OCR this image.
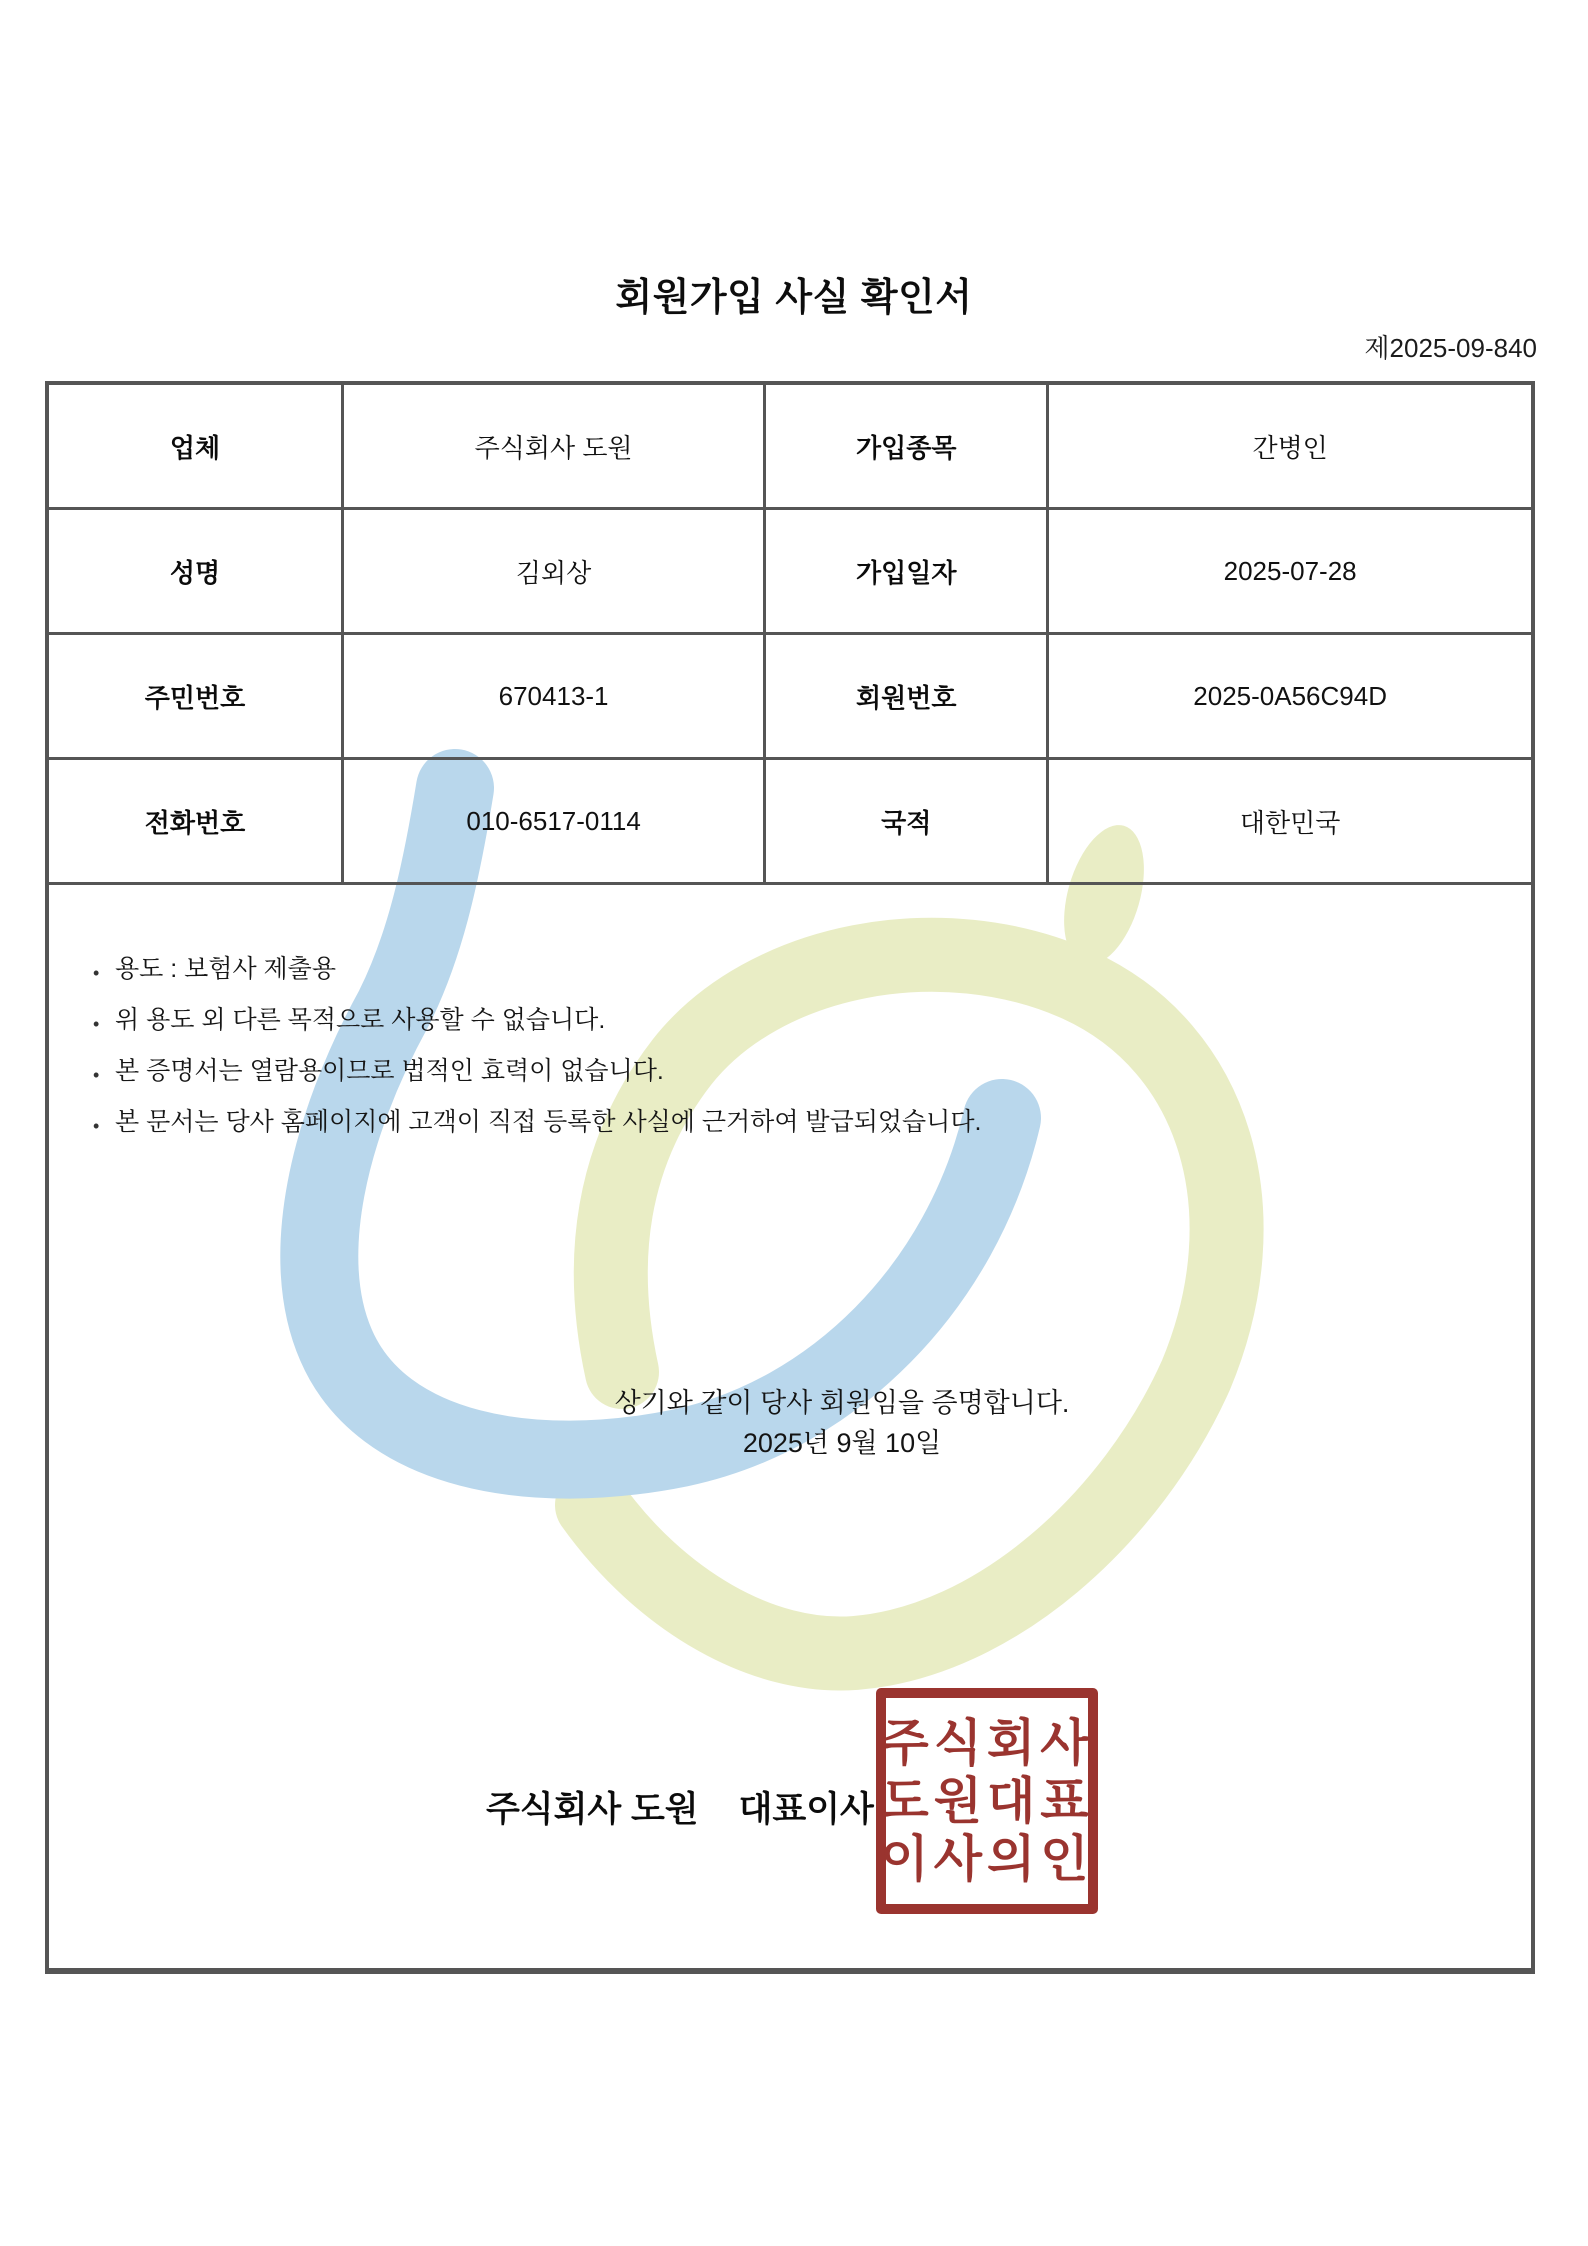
회원가입 사실 확인서
제2025-09-840
업체	주식회사 도원	가입종목	간병인
성명	김외상	가입일자	2025-07-28
주민번호	670413-1	회원번호	2025-0A56C94D
전화번호	010-6517-0114	국적	대한민국
• 용도 : 보험사 제출용
• 위 용도 외 다른 목적으로 사용할 수 없습니다.
• 본 증명서는 열람용이므로 법적인 효력이 없습니다.
• 본 문서는 당사 홈페이지에 고객이 직접 등록한 사실에 근거하여 발급되었습니다.
상기와 같이 당사 회원임을 증명합니다.
2025년 9월 10일
주식회사 도원 대표이사
주식회사
도원대표
이사의인
